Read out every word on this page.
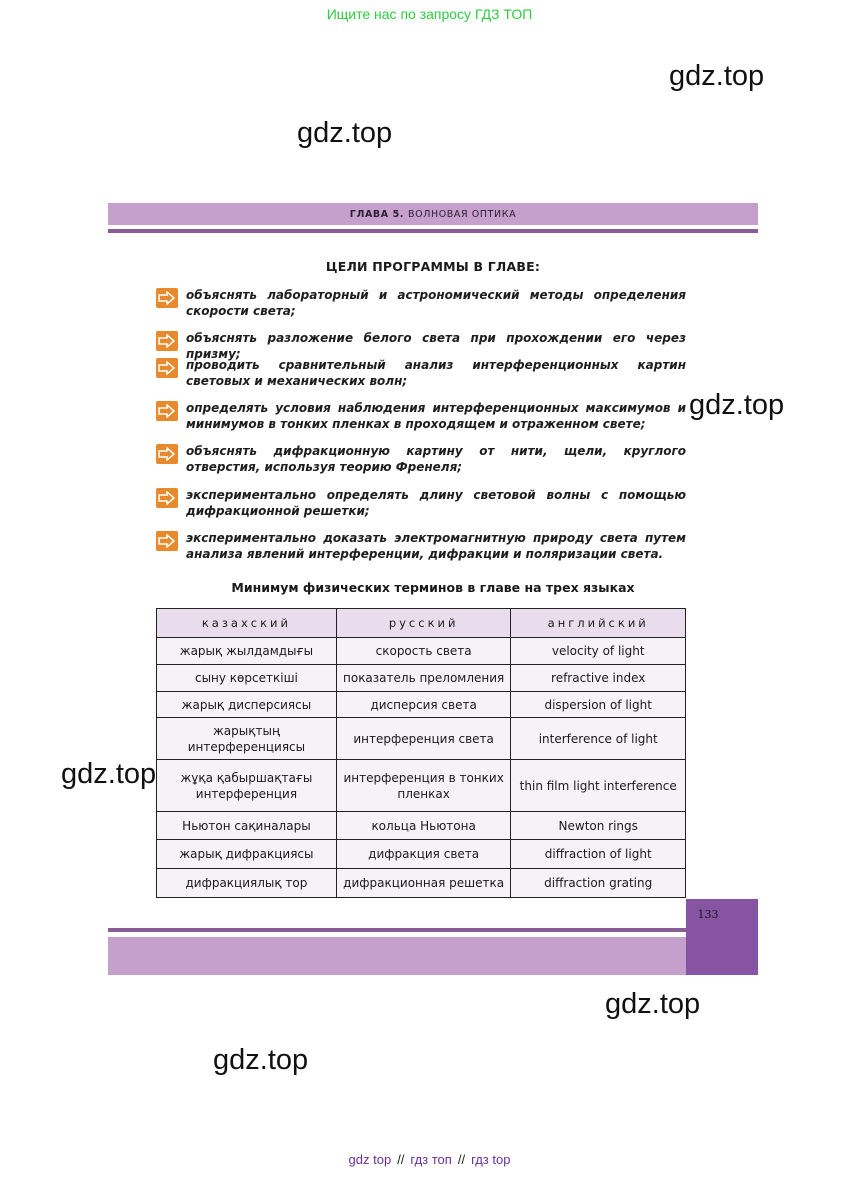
Ищите нас по запросу ГДЗ ТОП
gdz.top
gdz.top
gdz.top
gdz.top
gdz.top
gdz.top
ГЛАВА 5. ВОЛНОВАЯ ОПТИКА
ЦЕЛИ ПРОГРАММЫ В ГЛАВЕ:
объяснять лабораторный и астрономический методы определения скорости света;
объяснять разложение белого света при прохождении его через призму;
проводить сравнительный анализ интерференционных картин световых и механических волн;
определять условия наблюдения интерференционных максимумов и минимумов в тонких пленках в проходящем и отраженном свете;
объяснять дифракционную картину от нити, щели, круглого отверстия, используя теорию Френеля;
экспериментально определять длину световой волны с помощью дифракционной решетки;
экспериментально доказать электромагнитную природу света путем анализа явлений интерференции, дифракции и поляризации света.
Минимум физических терминов в главе на трех языках
казахский	русский	английский
жарық жылдамдығы	скорость света	velocity of light
сыну көрсеткіші	показатель преломления	refractive index
жарық дисперсиясы	дисперсия света	dispersion of light
жарықтың интерференциясы	интерференция света	interference of light
жұқа қабыршақтағы интерференция	интерференция в тонких пленках	thin film light interference
Ньютон сақиналары	кольца Ньютона	Newton rings
жарық дифракциясы	дифракция света	diffraction of light
дифракциялық тор	дифракционная решетка	diffraction grating
133
gdz top // гдз топ // гдз top
